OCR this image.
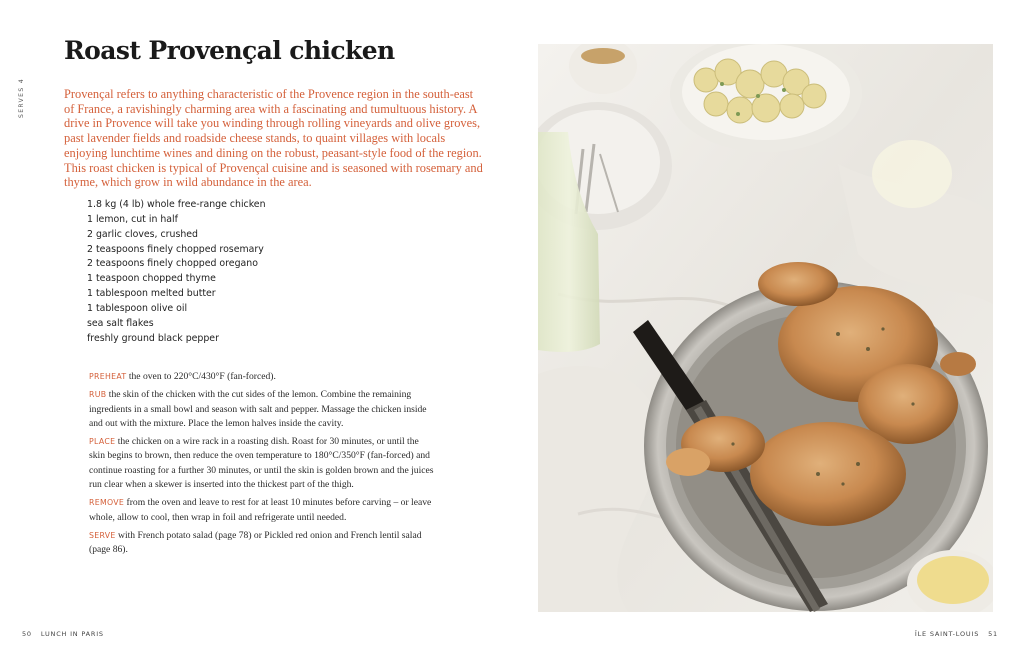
SERVES 4
Roast Provençal chicken

Provençal refers to anything characteristic of the Provence region in the south-east of France, a ravishingly charming area with a fascinating and tumultuous history. A drive in Provence will take you winding through rolling vineyards and olive groves, past lavender fields and roadside cheese stands, to quaint villages with locals enjoying lunchtime wines and dining on the robust, peasant-style food of the region. This roast chicken is typical of Provençal cuisine and is seasoned with rosemary and thyme, which grow in wild abundance in the area.

1.8 kg (4 lb) whole free-range chicken
1 lemon, cut in half
2 garlic cloves, crushed
2 teaspoons finely chopped rosemary
2 teaspoons finely chopped oregano
1 teaspoon chopped thyme
1 tablespoon melted butter
1 tablespoon olive oil
sea salt flakes
freshly ground black pepper

PREHEAT the oven to 220°C/430°F (fan-forced).

RUB the skin of the chicken with the cut sides of the lemon. Combine the remaining ingredients in a small bowl and season with salt and pepper. Massage the chicken inside and out with the mixture. Place the lemon halves inside the cavity.

PLACE the chicken on a wire rack in a roasting dish. Roast for 30 minutes, or until the skin begins to brown, then reduce the oven temperature to 180°C/350°F (fan-forced) and continue roasting for a further 30 minutes, or until the skin is golden brown and the juices run clear when a skewer is inserted into the thickest part of the thigh.

REMOVE from the oven and leave to rest for at least 10 minutes before carving – or leave whole, allow to cool, then wrap in foil and refrigerate until needed.

SERVE with French potato salad (page 78) or Pickled red onion and French lentil salad (page 86).

50 LUNCH IN PARIS	ÎLE SAINT-LOUIS 51
